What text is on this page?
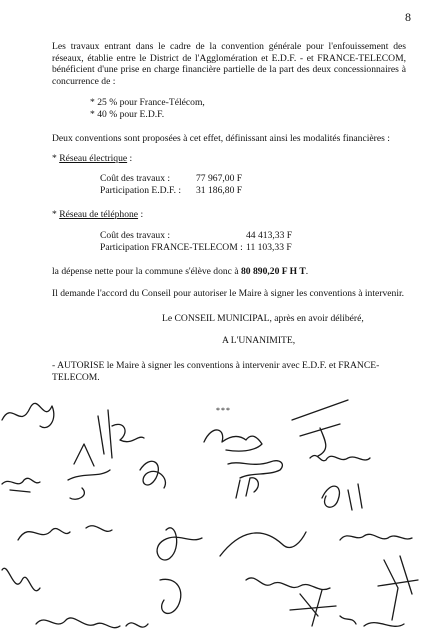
8
Les travaux entrant dans le cadre de la convention générale pour l'enfouissement des réseaux, établie entre le District de l'Agglomération et E.D.F. - et FRANCE-TELECOM, bénéficient d'une prise en charge financière partielle de la part des deux concessionnaires à concurrence de :
* 25 % pour France-Télécom,
* 40 % pour E.D.F.
Deux conventions sont proposées à cet effet, définissant ainsi les modalités financières :
* Réseau électrique :
Coût des travaux :	77 967,00 F
Participation E.D.F. : 31 186,80 F
* Réseau de téléphone :
Coût des travaux :	44 413,33 F
Participation FRANCE-TELECOM : 11 103,33 F
la dépense nette pour la commune s'élève donc à 80 890,20 F H T.
Il demande l'accord du Conseil pour autoriser le Maire à signer les conventions à intervenir.
Le CONSEIL MUNICIPAL, après en avoir délibéré,
A L'UNANIMITE,
- AUTORISE le Maire à signer les conventions à intervenir avec E.D.F. et FRANCE-TELECOM.
***
